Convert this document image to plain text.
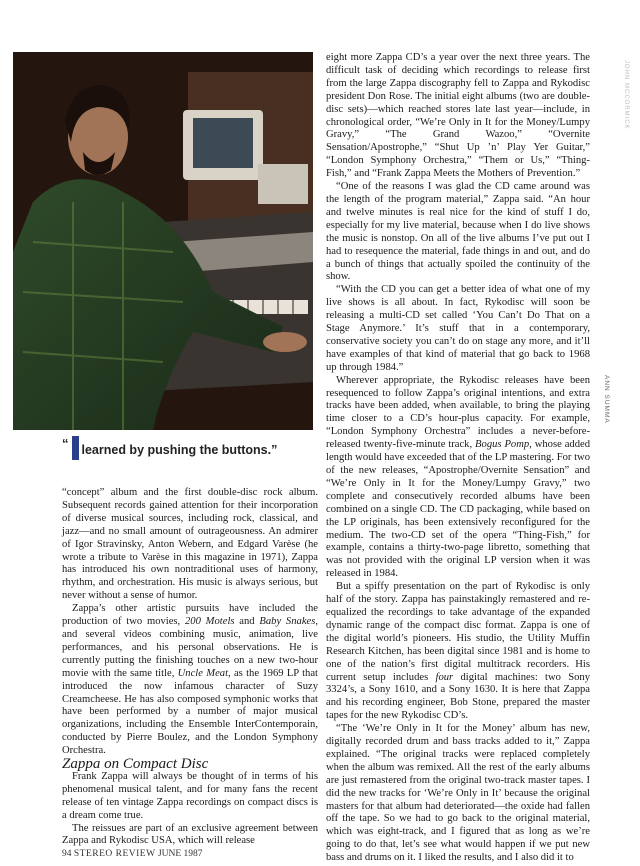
JOHN MCCORMICK
“ learned by pushing the buttons.”

“concept” album and the first double-disc rock album. Subsequent records gained attention for their incorporation of diverse musical sources, including rock, classical, and jazz—and no small amount of outrageousness. An admirer of Igor Stravinsky, Anton Webern, and Edgard Varèse (he wrote a tribute to Varèse in this magazine in 1971), Zappa has introduced his own nontraditional uses of harmony, rhythm, and orchestration. His music is always serious, but never without a sense of humor.

Zappa’s other artistic pursuits have included the production of two movies, 200 Motels and Baby Snakes, and several videos combining music, animation, live performances, and his personal observations. He is currently putting the finishing touches on a new two-hour movie with the same title, Uncle Meat, as the 1969 LP that introduced the now infamous character of Suzy Creamcheese. He has also composed symphonic works that have been performed by a number of major musical organizations, including the Ensemble InterContemporain, conducted by Pierre Boulez, and the London Symphony Orchestra.

Zappa on Compact Disc

Frank Zappa will always be thought of in terms of his phenomenal musical talent, and for many fans the recent release of ten vintage Zappa recordings on compact discs is a dream come true.

The reissues are part of an exclusive agreement between Zappa and Rykodisc USA, which will release

eight more Zappa CD’s a year over the next three years. The difficult task of deciding which recordings to release first from the large Zappa discography fell to Zappa and Rykodisc president Don Rose. The initial eight albums (two are double-disc sets)—which reached stores late last year—include, in chronological order, “We’re Only in It for the Money/Lumpy Gravy,” “The Grand Wazoo,” “Overnite Sensation/Apostrophe,” “Shut Up ’n’ Play Yer Guitar,” “London Symphony Orchestra,” “Them or Us,” “Thing-Fish,” and “Frank Zappa Meets the Mothers of Prevention.”

“One of the reasons I was glad the CD came around was the length of the program material,” Zappa said. “An hour and twelve minutes is real nice for the kind of stuff I do, especially for my live material, because when I do live shows the music is nonstop. On all of the live albums I’ve put out I had to resequence the material, fade things in and out, and do a bunch of things that actually spoiled the continuity of the show.

“With the CD you can get a better idea of what one of my live shows is all about. In fact, Rykodisc will soon be releasing a multi-CD set called ‘You Can’t Do That on a Stage Anymore.’ It’s stuff that in a contemporary, conservative society you can’t do on stage any more, and it’ll have examples of that kind of material that go back to 1968 up through 1984.”

Wherever appropriate, the Rykodisc releases have been resequenced to follow Zappa’s original intentions, and extra tracks have been added, when available, to bring the playing time closer to a CD’s hour-plus capacity. For example, “London Symphony Orchestra” includes a never-before-released twenty-five-minute track, Bogus Pomp, whose added length would have exceeded that of the LP mastering. For two of the new releases, “Apostrophe/Overnite Sensation” and “We’re Only in It for the Money/Lumpy Gravy,” two complete and consecutively recorded albums have been combined on a single CD. The CD packaging, while based on the LP originals, has been extensively reconfigured for the medium. The two-CD set of the opera “Thing-Fish,” for example, contains a thirty-two-page libretto, something that was not provided with the original LP version when it was released in 1984.

But a spiffy presentation on the part of Rykodisc is only half of the story. Zappa has painstakingly remastered and re-equalized the recordings to take advantage of the expanded dynamic range of the compact disc format. Zappa is one of the digital world’s pioneers. His studio, the Utility Muffin Research Kitchen, has been digital since 1981 and is home to one of the nation’s first digital multitrack recorders. His current setup includes four digital machines: two Sony 3324’s, a Sony 1610, and a Sony 1630. It is here that Zappa and his recording engineer, Bob Stone, prepared the master tapes for the new Rykodisc CD’s.

“The ‘We’re Only in It for the Money’ album has new, digitally recorded drum and bass tracks added to it,” Zappa explained. “The original tracks were replaced completely when the album was remixed. All the rest of the early albums are just remastered from the original two-track master tapes. I did the new tracks for ‘We’re Only in It’ because the original masters for that album had deteriorated—the oxide had fallen off the tape. So we had to go back to the original material, which was eight-track, and I figured that as long as we’re going to do that, let’s see what would happen if we put new bass and drums on it. I liked the results, and I also did it to

ANN SUMMA
94 STEREO REVIEW JUNE 1987
